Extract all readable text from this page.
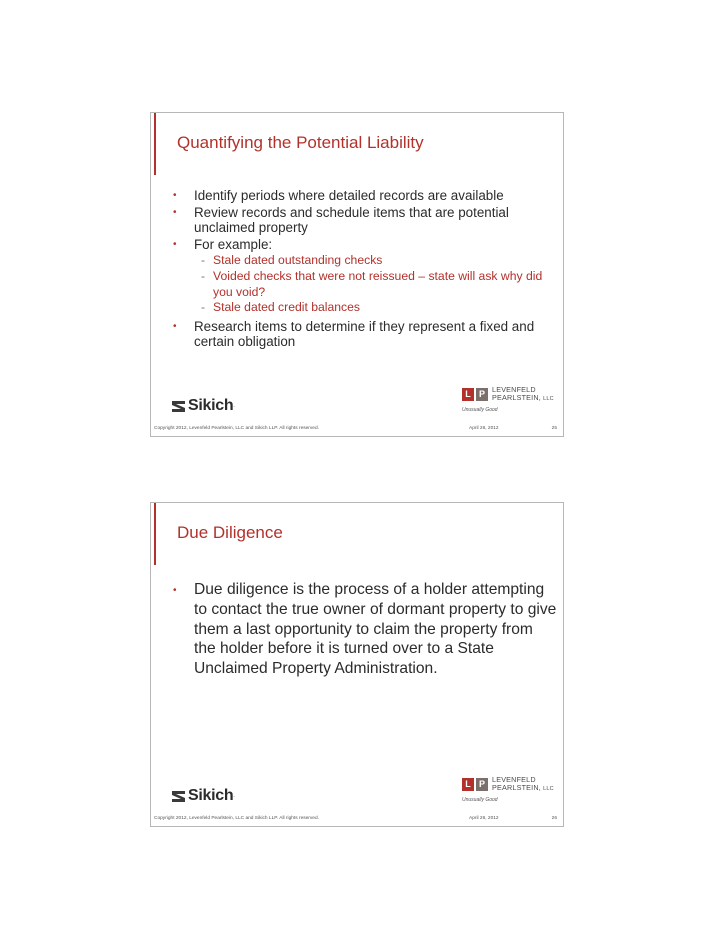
Quantifying the Potential Liability
• Identify periods where detailed records are available
• Review records and schedule items that are potential unclaimed property
• For example:
- Stale dated outstanding checks
- Voided checks that were not reissued – state will ask why did you void?
- Stale dated credit balances
• Research items to determine if they represent a fixed and certain obligation
Sikich .
L P LEVENFELD
PEARLSTEIN, LLC
Unusually Good
Copyright 2012, Levenfeld Pearlstein, LLC and Sikich LLP. All rights reserved.	April 26, 2012	25
Due Diligence
• Due diligence is the process of a holder attempting to contact the true owner of dormant property to give them a last opportunity to claim the property from the holder before it is turned over to a State Unclaimed Property Administration.
Sikich .
L P LEVENFELD
PEARLSTEIN, LLC
Unusually Good
Copyright 2012, Levenfeld Pearlstein, LLC and Sikich LLP. All rights reserved.	April 26, 2012	26
